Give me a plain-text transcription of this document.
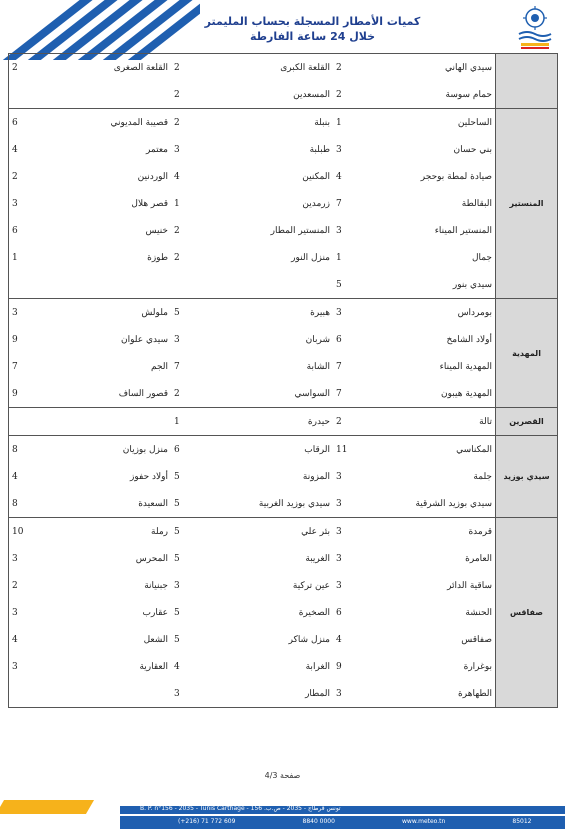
كميات الأمطار المسجلة بحساب المليمتر
خلال 24 ساعة الفارطة
	سيدي الهاني	2	القلعة الكبرى	2	القلعة الصغرى	2
	حمام سوسة	2	المسعدين	2		
المنستير	الساحلين	1	بنبلة	2	قصيبة المديوني	6
	بني حسان	3	طبلبة	3	معتمر	4
	صيادة لمطة بوحجر	4	المكنين	4	الوردنين	2
	البقالطة	7	زرمدين	1	قصر هلال	3
	المنستير الميناء	3	المنستير المطار	2	خنيس	6
	جمال	1	منزل النور	2	طوزة	1
	سيدي بنور	5				
المهدية	بومرداس	3	هبيرة	5	ملولش	3
	أولاد الشامخ	6	شربان	3	سيدي علوان	9
	المهدية الميناء	7	الشابة	7	الجم	7
	المهدية هيبون	7	السواسي	2	قصور الساف	9
القصرين	تالة	2	حيدرة	1		
سيدي بوزيد	المكناسي	11	الرقاب	6	منزل بوزيان	8
	جلمة	3	المزونة	5	أولاد حفوز	4
	سيدي بوزيد الشرقية	3	سيدي بوزيد الغربية	5	السعيدة	8
صفاقس	قرمدة	3	بئر علي	5	رملة	10
	العامرة	3	الغريبة	5	المحرس	3
	ساقية الدائر	3	عين تركية	3	جبنيانة	2
	الحنشة	6	الصخيرة	5	عقارب	3
	صفاقس	4	منزل شاكر	5	الشعل	4
	بوغرارة	9	الغرابة	4	العقارية	3
	الطهاهرة	3	المطار	3		
صفحة 4/3
B. P. n°156 - 2035 - Tunis Carthage - تونس قرطاج - 2035 - ص.ب. 156
(+216) 71 773 400	(+216) 71 772 609	8840 0000	www.meteo.tn	85012
